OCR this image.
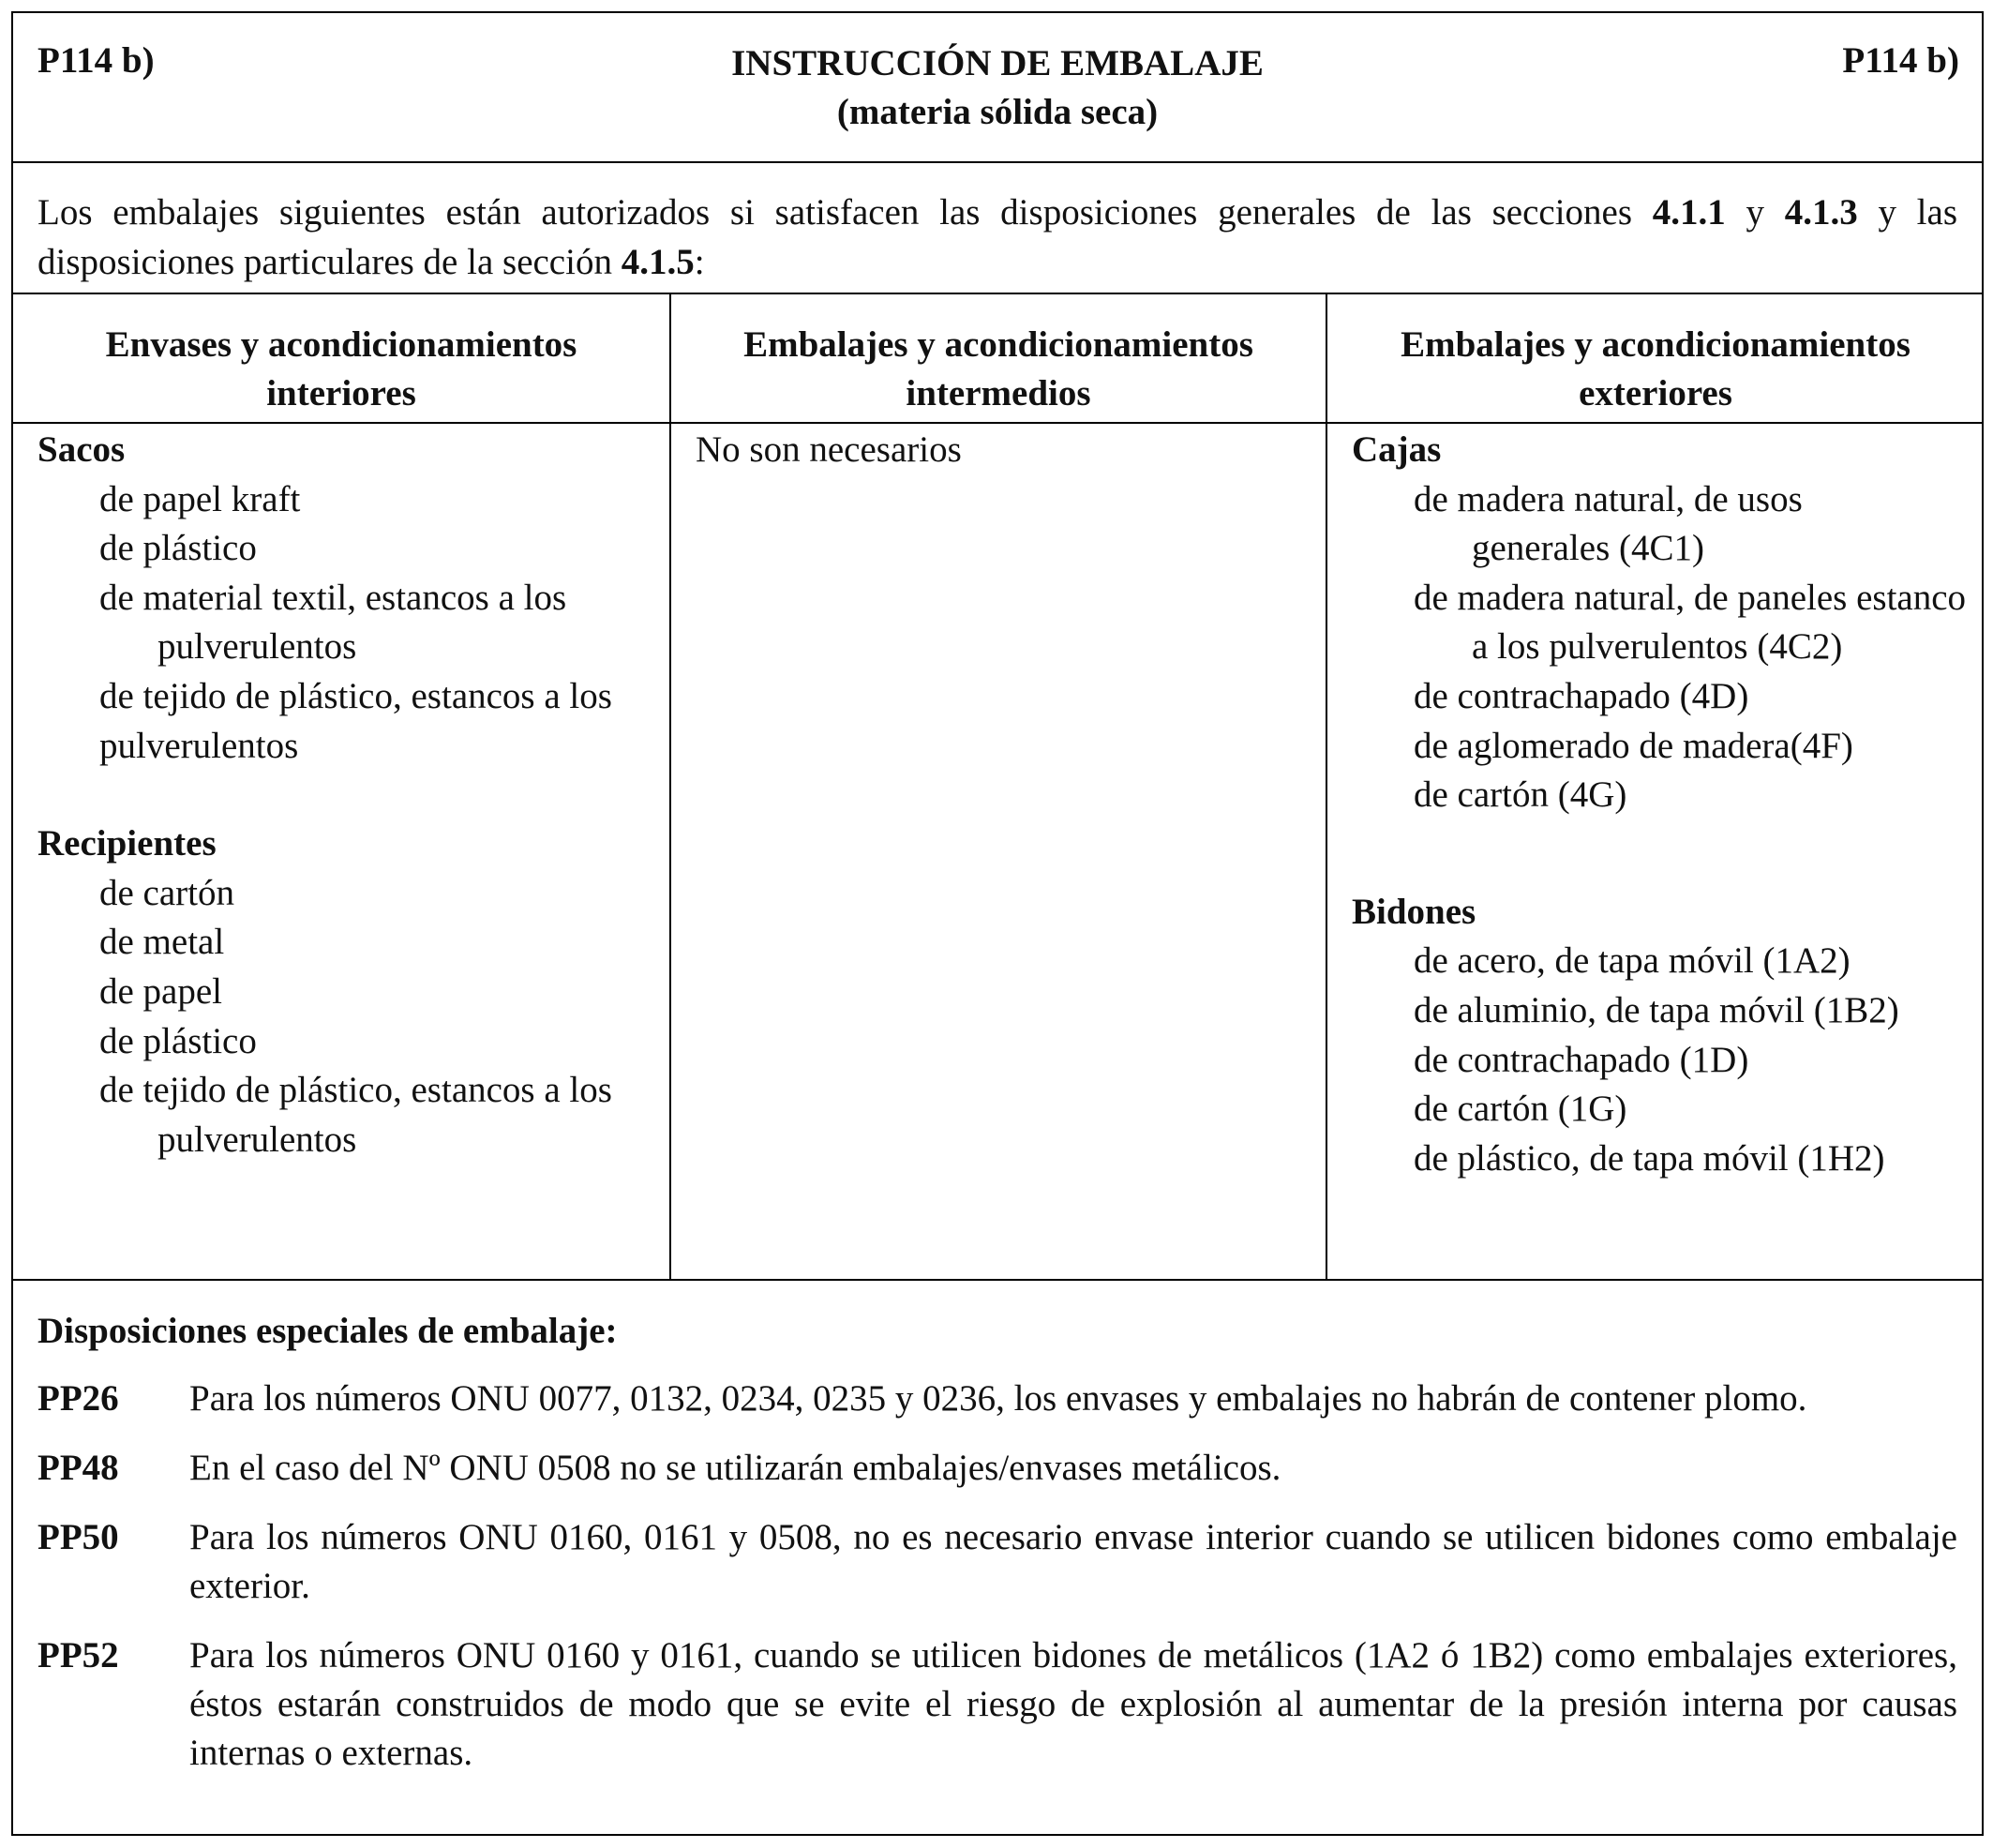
P114 b)	INSTRUCCIÓN DE EMBALAJE
(materia sólida seca)
P114 b)
Los embalajes siguientes están autorizados si satisfacen las disposiciones generales de las secciones 4.1.1 y 4.1.3 y las disposiciones particulares de la sección 4.1.5:
Envases y acondicionamientos
interiores
Embalajes y acondicionamientos
intermedios
Embalajes y acondicionamientos
exteriores
Sacos
de papel kraft
de plástico
de material textil, estancos a los pulverulentos
de tejido de plástico, estancos a los pulverulentos
Recipientes
de cartón
de metal
de papel
de plástico
de tejido de plástico, estancos a los pulverulentos
No son necesarios	Cajas
de madera natural, de usos generales (4C1)
de madera natural, de paneles estanco a los pulverulentos (4C2)
de contrachapado (4D)
de aglomerado de madera(4F)
de cartón (4G)
Bidones
de acero, de tapa móvil (1A2)
de aluminio, de tapa móvil (1B2)
de contrachapado (1D)
de cartón (1G)
de plástico, de tapa móvil (1H2)
Disposiciones especiales de embalaje:
PP26 Para los números ONU 0077, 0132, 0234, 0235 y 0236, los envases y embalajes no habrán de contener plomo.
PP48 En el caso del Nº ONU 0508 no se utilizarán embalajes/envases metálicos.
PP50 Para los números ONU 0160, 0161 y 0508, no es necesario envase interior cuando se utilicen bidones como embalaje exterior.
PP52 Para los números ONU 0160 y 0161, cuando se utilicen bidones de metálicos (1A2 ó 1B2) como embalajes exteriores, éstos estarán construidos de modo que se evite el riesgo de explosión al aumentar de la presión interna por causas internas o externas.
